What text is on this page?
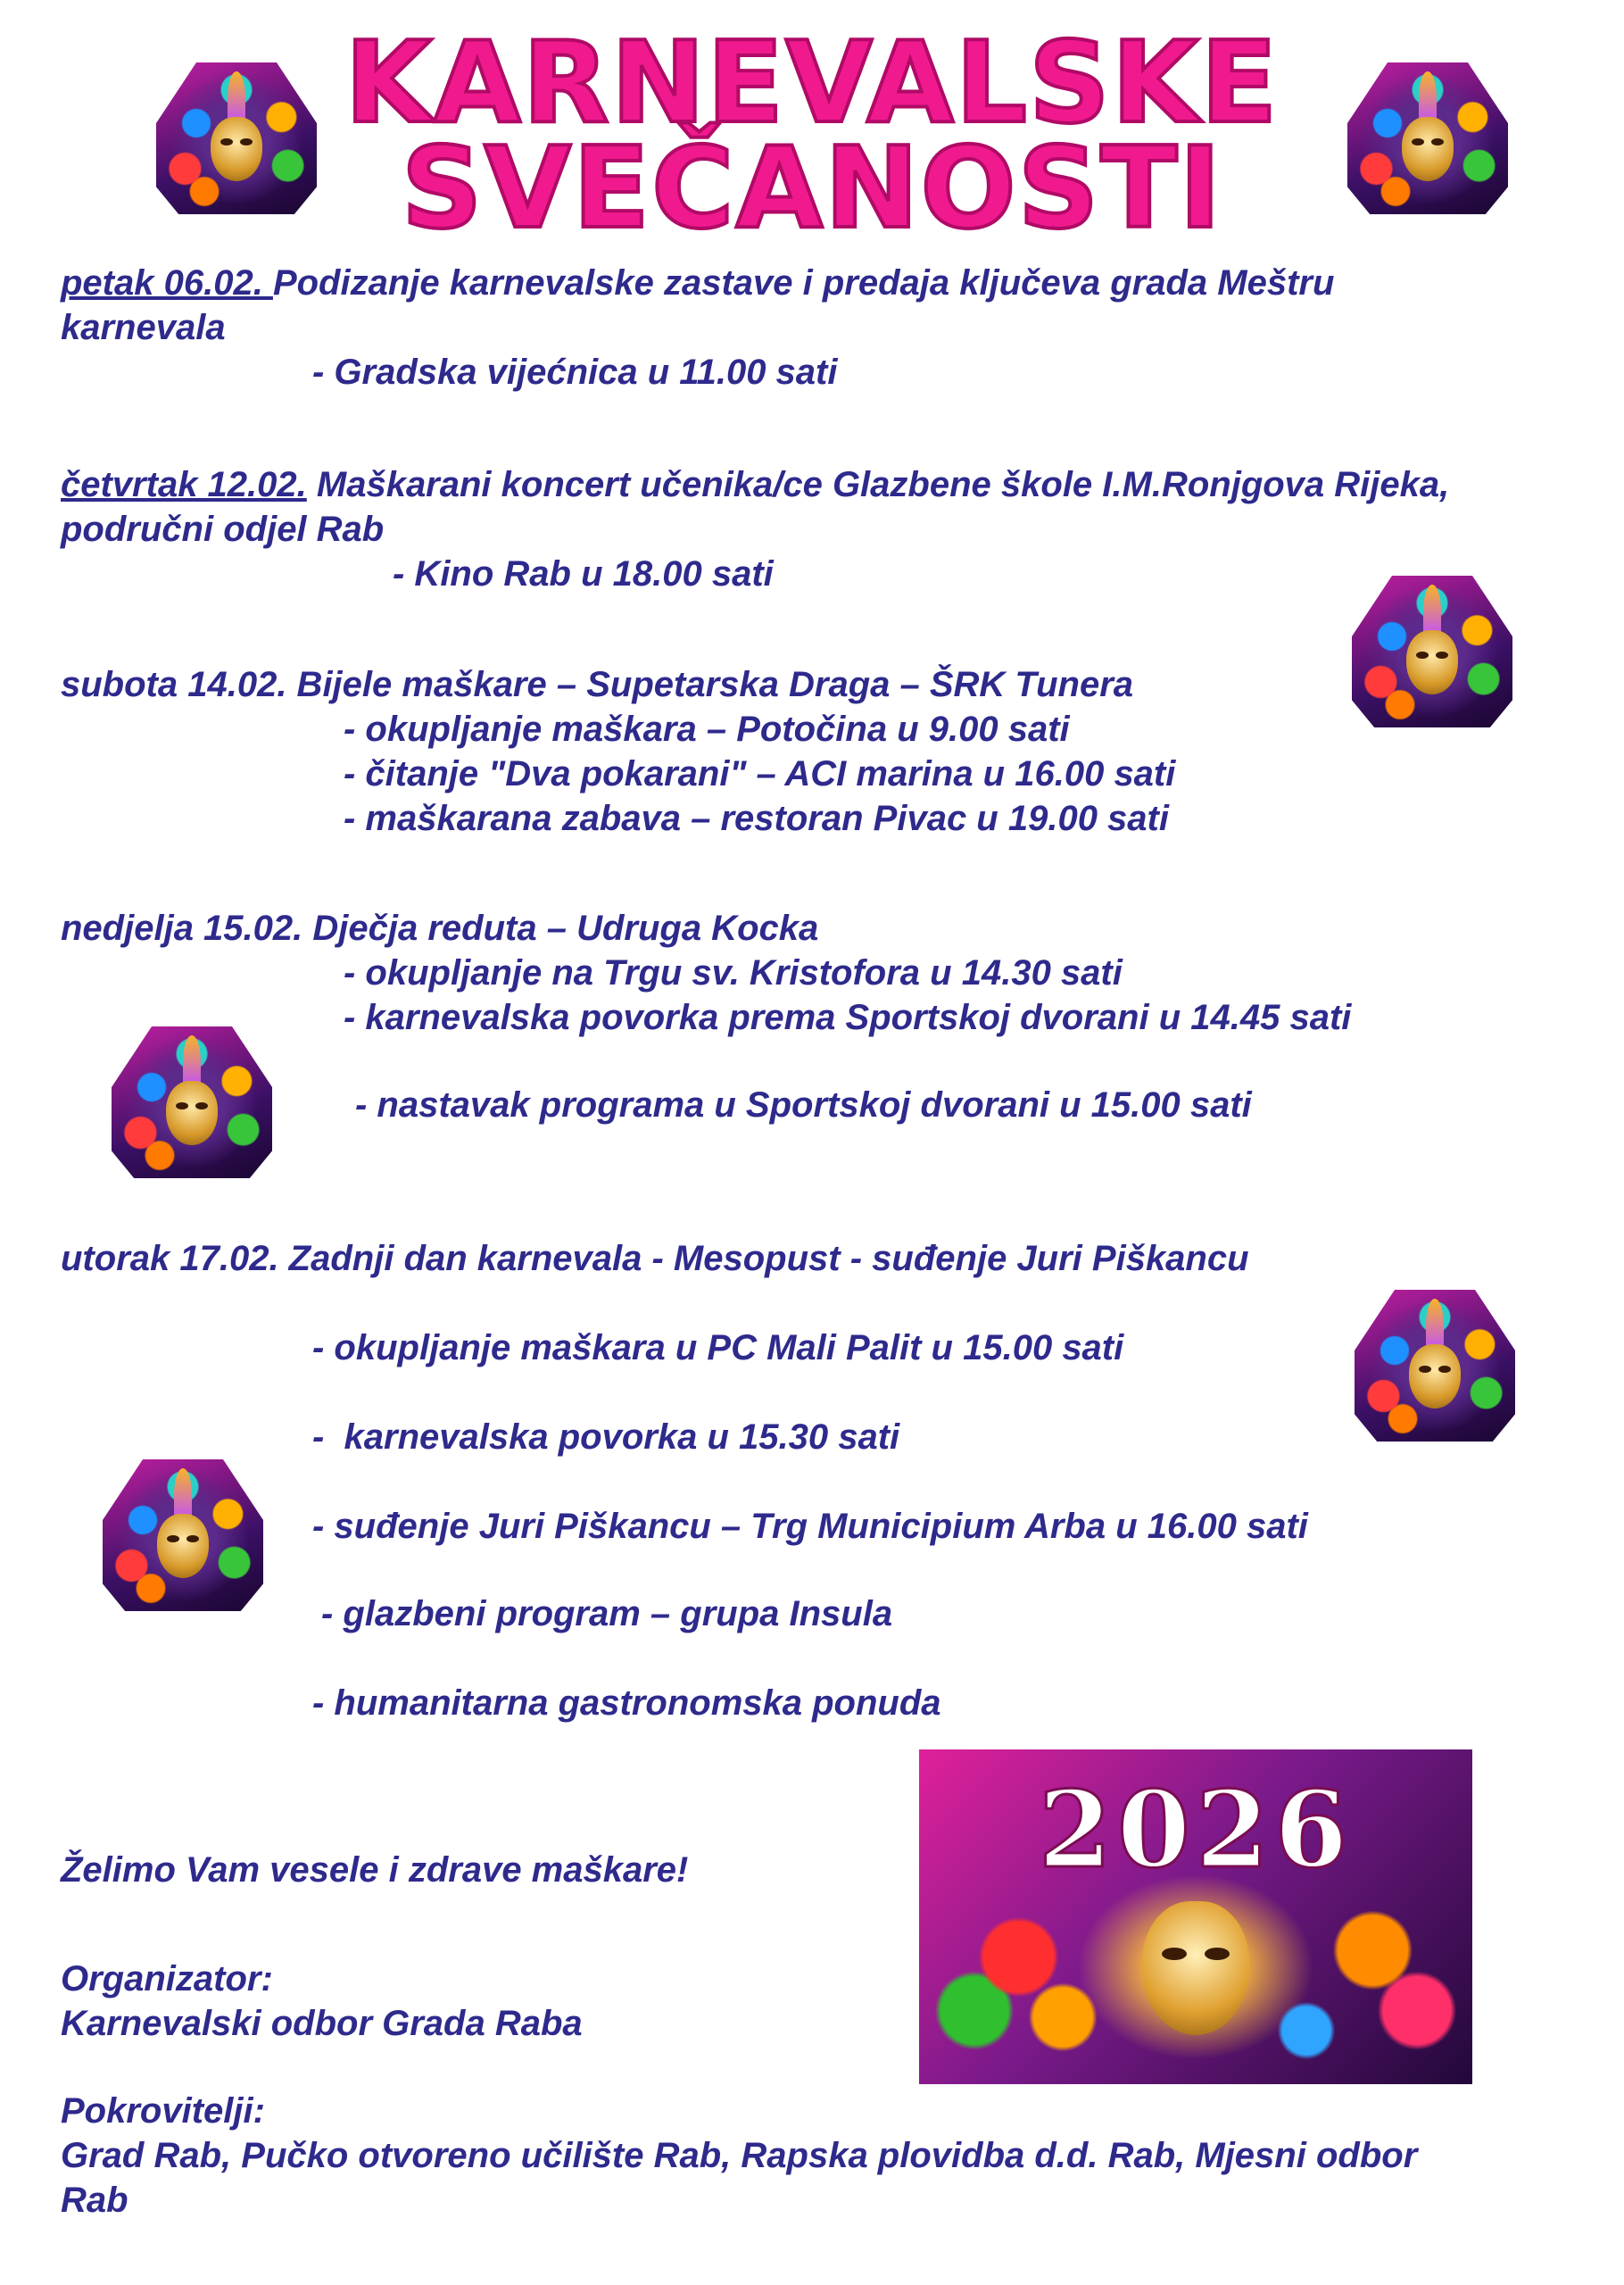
KARNEVALSKE
SVEČANOSTI
petak 06.02. Podizanje karnevalske zastave i predaja ključeva grada Meštru
karnevala
- Gradska vijećnica u 11.00 sati
četvrtak 12.02. Maškarani koncert učenika/ce Glazbene škole I.M.Ronjgova Rijeka,
područni odjel Rab
- Kino Rab u 18.00 sati
subota 14.02. Bijele maškare – Supetarska Draga – ŠRK Tunera
- okupljanje maškara – Potočina u 9.00 sati
- čitanje "Dva pokarani" – ACI marina u 16.00 sati
- maškarana zabava – restoran Pivac u 19.00 sati
nedjelja 15.02. Dječja reduta – Udruga Kocka
- okupljanje na Trgu sv. Kristofora u 14.30 sati
- karnevalska povorka prema Sportskoj dvorani u 14.45 sati
- nastavak programa u Sportskoj dvorani u 15.00 sati
utorak 17.02. Zadnji dan karnevala - Mesopust - suđenje Juri Piškancu
- okupljanje maškara u PC Mali Palit u 15.00 sati
-  karnevalska povorka u 15.30 sati
- suđenje Juri Piškancu – Trg Municipium Arba u 16.00 sati
- glazbeni program – grupa Insula
- humanitarna gastronomska ponuda
2026
Želimo Vam vesele i zdrave maškare!
Organizator:
Karnevalski odbor Grada Raba
Pokrovitelji:
Grad Rab, Pučko otvoreno učilište Rab, Rapska plovidba d.d. Rab, Mjesni odbor
Rab
